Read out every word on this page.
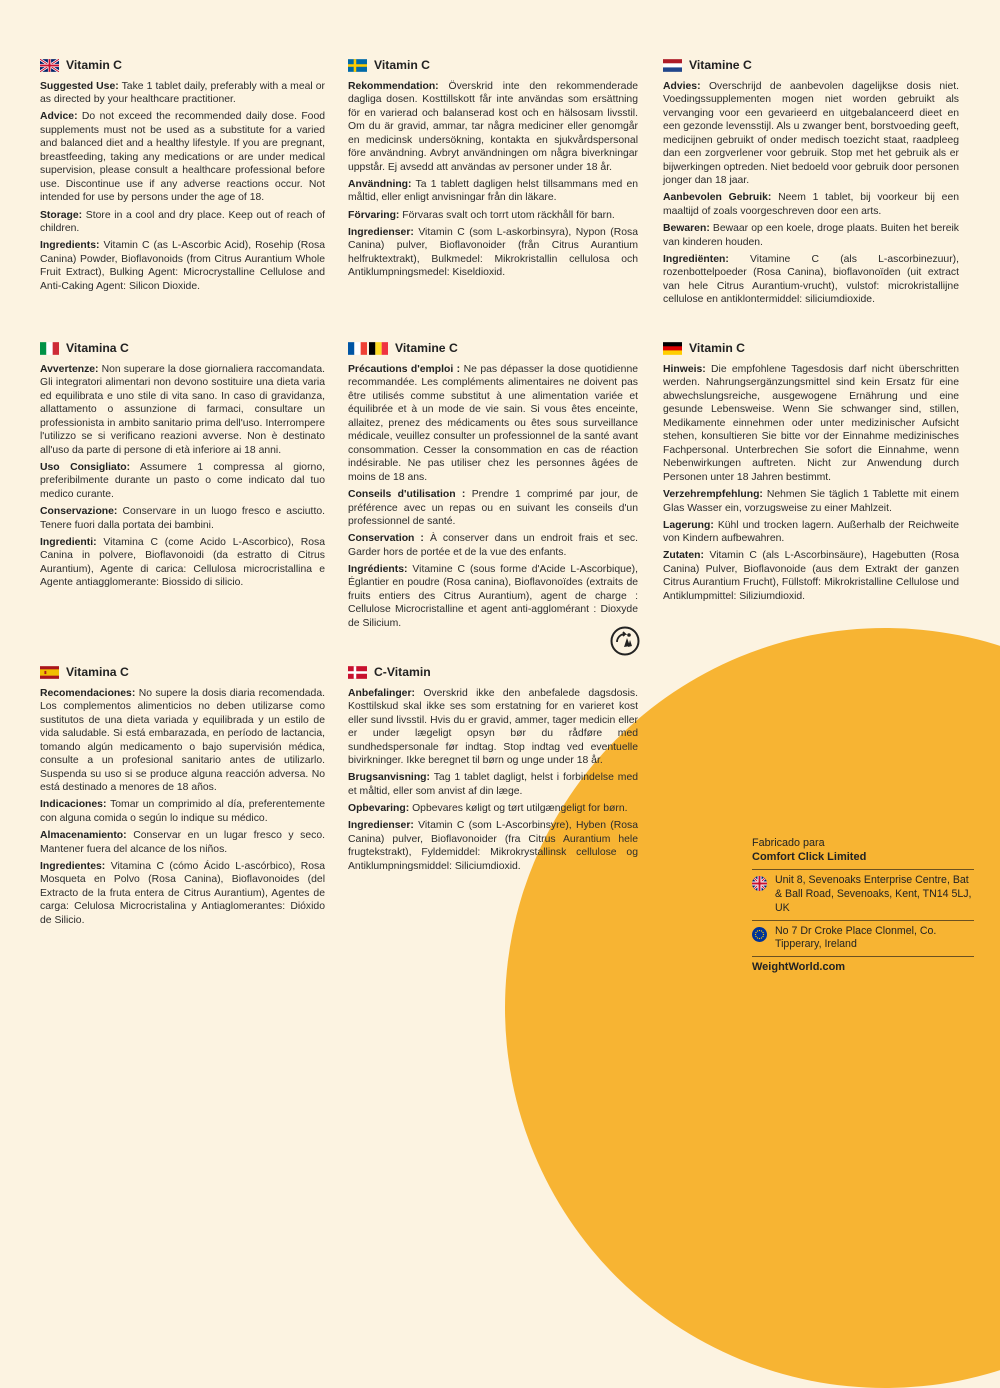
Vitamin C

Suggested Use: Take 1 tablet daily, preferably with a meal or as directed by your healthcare practitioner.

Advice: Do not exceed the recommended daily dose. Food supplements must not be used as a substitute for a varied and balanced diet and a healthy lifestyle. If you are pregnant, breastfeeding, taking any medications or are under medical supervision, please consult a healthcare professional before use. Discontinue use if any adverse reactions occur. Not intended for use by persons under the age of 18.

Storage: Store in a cool and dry place. Keep out of reach of children.

Ingredients: Vitamin C (as L-Ascorbic Acid), Rosehip (Rosa Canina) Powder, Bioflavonoids (from Citrus Aurantium Whole Fruit Extract), Bulking Agent: Microcrystalline Cellulose and Anti-Caking Agent: Silicon Dioxide.

Vitamin C

Rekommendation: Överskrid inte den rekommenderade dagliga dosen. Kosttillskott får inte användas som ersättning för en varierad och balanserad kost och en hälsosam livsstil. Om du är gravid, ammar, tar några mediciner eller genomgår en medicinsk undersökning, kontakta en sjukvårdspersonal före användning. Avbryt användningen om några biverkningar uppstår. Ej avsedd att användas av personer under 18 år.

Användning: Ta 1 tablett dagligen helst tillsammans med en måltid, eller enligt anvisningar från din läkare.

Förvaring: Förvaras svalt och torrt utom räckhåll för barn.

Ingredienser: Vitamin C (som L-askorbinsyra), Nypon (Rosa Canina) pulver, Bioflavonoider (från Citrus Aurantium helfruktextrakt), Bulkmedel: Mikrokristallin cellulosa och Antiklumpningsmedel: Kiseldioxid.

Vitamine C

Advies: Overschrijd de aanbevolen dagelijkse dosis niet. Voedingssupplementen mogen niet worden gebruikt als vervanging voor een gevarieerd en uitgebalanceerd dieet en een gezonde levensstijl. Als u zwanger bent, borstvoeding geeft, medicijnen gebruikt of onder medisch toezicht staat, raadpleeg dan een zorgverlener voor gebruik. Stop met het gebruik als er bijwerkingen optreden. Niet bedoeld voor gebruik door personen jonger dan 18 jaar.

Aanbevolen Gebruik: Neem 1 tablet, bij voorkeur bij een maaltijd of zoals voorgeschreven door een arts.

Bewaren: Bewaar op een koele, droge plaats. Buiten het bereik van kinderen houden.

Ingrediënten: Vitamine C (als L-ascorbinezuur), rozenbottelpoeder (Rosa Canina), bioflavonoïden (uit extract van hele Citrus Aurantium-vrucht), vulstof: microkristallijne cellulose en antiklontermiddel: siliciumdioxide.

Vitamina C

Avvertenze: Non superare la dose giornaliera raccomandata. Gli integratori alimentari non devono sostituire una dieta varia ed equilibrata e uno stile di vita sano. In caso di gravidanza, allattamento o assunzione di farmaci, consultare un professionista in ambito sanitario prima dell'uso. Interrompere l'utilizzo se si verificano reazioni avverse. Non è destinato all'uso da parte di persone di età inferiore ai 18 anni.

Uso Consigliato: Assumere 1 compressa al giorno, preferibilmente durante un pasto o come indicato dal tuo medico curante.

Conservazione: Conservare in un luogo fresco e asciutto. Tenere fuori dalla portata dei bambini.

Ingredienti: Vitamina C (come Acido L-Ascorbico), Rosa Canina in polvere, Bioflavonoidi (da estratto di Citrus Aurantium), Agente di carica: Cellulosa microcristallina e Agente antiagglomerante: Biossido di silicio.

Vitamine C

Précautions d'emploi : Ne pas dépasser la dose quotidienne recommandée. Les compléments alimentaires ne doivent pas être utilisés comme substitut à une alimentation variée et équilibrée et à un mode de vie sain. Si vous êtes enceinte, allaitez, prenez des médicaments ou êtes sous surveillance médicale, veuillez consulter un professionnel de la santé avant consommation. Cesser la consommation en cas de réaction indésirable. Ne pas utiliser chez les personnes âgées de moins de 18 ans.

Conseils d'utilisation : Prendre 1 comprimé par jour, de préférence avec un repas ou en suivant les conseils d'un professionnel de santé.

Conservation : À conserver dans un endroit frais et sec. Garder hors de portée et de la vue des enfants.

Ingrédients: Vitamine C (sous forme d'Acide L-Ascorbique), Églantier en poudre (Rosa canina), Bioflavonoïdes (extraits de fruits entiers des Citrus Aurantium), agent de charge : Cellulose Microcristalline et agent anti-agglomérant : Dioxyde de Silicium.

Vitamin C

Hinweis: Die empfohlene Tagesdosis darf nicht überschritten werden. Nahrungsergänzungsmittel sind kein Ersatz für eine abwechslungsreiche, ausgewogene Ernährung und eine gesunde Lebensweise. Wenn Sie schwanger sind, stillen, Medikamente einnehmen oder unter medizinischer Aufsicht stehen, konsultieren Sie bitte vor der Einnahme medizinisches Fachpersonal. Unterbrechen Sie sofort die Einnahme, wenn Nebenwirkungen auftreten. Nicht zur Anwendung durch Personen unter 18 Jahren bestimmt.

Verzehrempfehlung: Nehmen Sie täglich 1 Tablette mit einem Glas Wasser ein, vorzugsweise zu einer Mahlzeit.

Lagerung: Kühl und trocken lagern. Außerhalb der Reichweite von Kindern aufbewahren.

Zutaten: Vitamin C (als L-Ascorbinsäure), Hagebutten (Rosa Canina) Pulver, Bioflavonoide (aus dem Extrakt der ganzen Citrus Aurantium Frucht), Füllstoff: Mikrokristalline Cellulose und Antiklumpmittel: Siliziumdioxid.

Vitamina C

Recomendaciones: No supere la dosis diaria recomendada. Los complementos alimenticios no deben utilizarse como sustitutos de una dieta variada y equilibrada y un estilo de vida saludable. Si está embarazada, en período de lactancia, tomando algún medicamento o bajo supervisión médica, consulte a un profesional sanitario antes de utilizarlo. Suspenda su uso si se produce alguna reacción adversa. No está destinado a menores de 18 años.

Indicaciones: Tomar un comprimido al día, preferentemente con alguna comida o según lo indique su médico.

Almacenamiento: Conservar en un lugar fresco y seco. Mantener fuera del alcance de los niños.

Ingredientes: Vitamina C (cómo Ácido L-ascórbico), Rosa Mosqueta en Polvo (Rosa Canina), Bioflavonoides (del Extracto de la fruta entera de Citrus Aurantium), Agentes de carga: Celulosa Microcristalina y Antiaglomerantes: Dióxido de Silicio.

C-Vitamin

Anbefalinger: Overskrid ikke den anbefalede dagsdosis. Kosttilskud skal ikke ses som erstatning for en varieret kost eller sund livsstil. Hvis du er gravid, ammer, tager medicin eller er under lægeligt opsyn bør du rådføre med sundhedspersonale før indtag. Stop indtag ved eventuelle bivirkninger. Ikke beregnet til børn og unge under 18 år.

Brugsanvisning: Tag 1 tablet dagligt, helst i forbindelse med et måltid, eller som anvist af din læge.

Opbevaring: Opbevares køligt og tørt utilgængeligt for børn.

Ingredienser: Vitamin C (som L-Ascorbinsyre), Hyben (Rosa Canina) pulver, Bioflavonoider (fra Citrus Aurantium hele frugtekstrakt), Fyldemiddel: Mikrokrystallinsk cellulose og Antiklumpningsmiddel: Siliciumdioxid.

Fabricado para
Comfort Click Limited
Unit 8, Sevenoaks Enterprise Centre, Bat & Ball Road, Sevenoaks, Kent, TN14 5LJ, UK
No 7 Dr Croke Place Clonmel, Co. Tipperary, Ireland
WeightWorld.com
